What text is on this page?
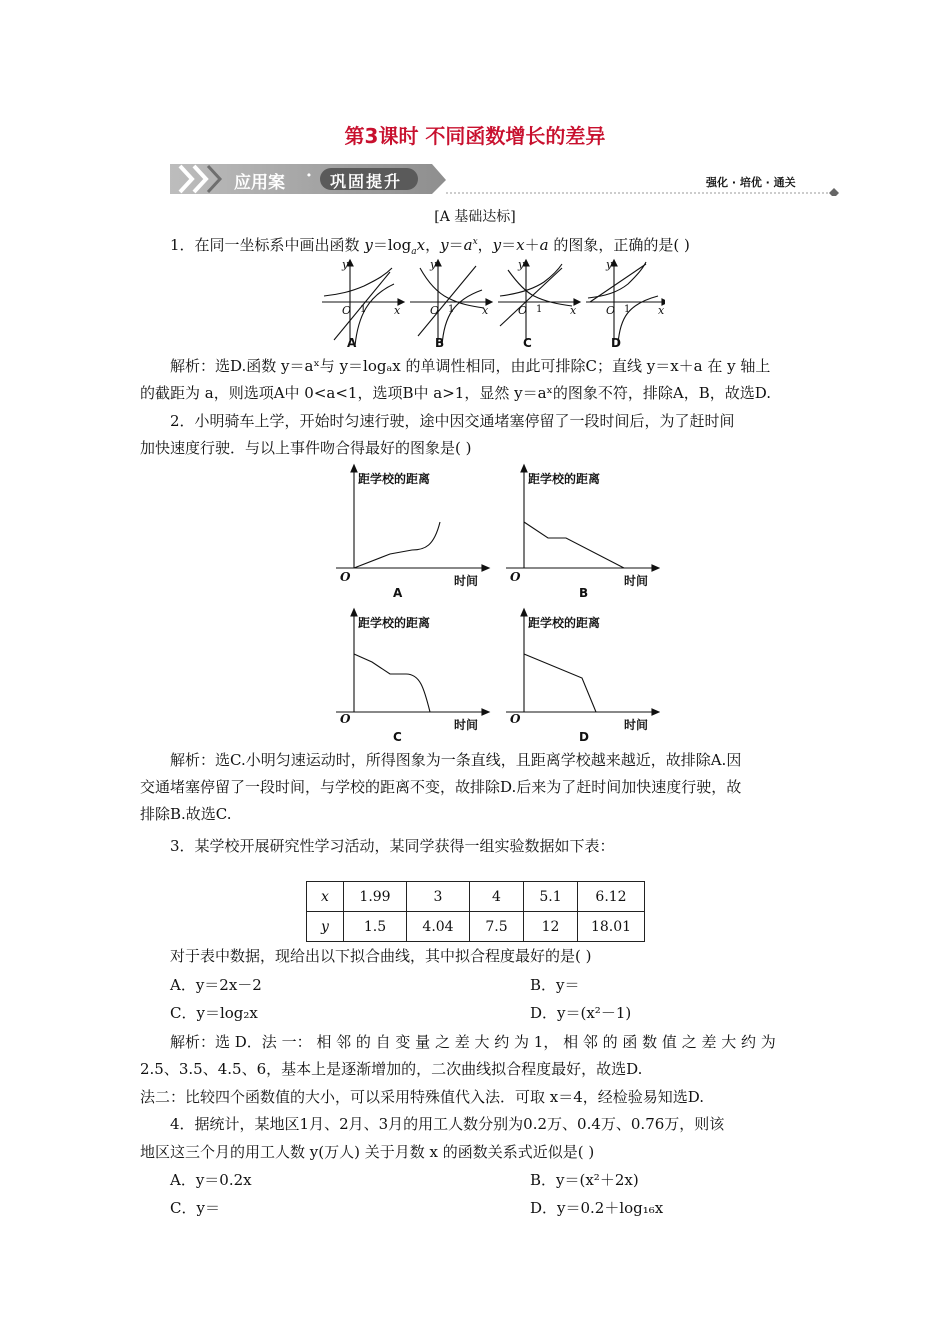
第3课时 不同函数增长的差异
应用案 · 巩固提升	强化 · 培优 · 通关
[A 基础达标]
1．在同一坐标系中画出函数 $y=\log_ax$，$y=a^x$，y＝x＋a 的图象，正确的是( )
y
x
O 1
y
x
O 1
y
x
O 1
y
x
O 1
A	B	C	D
解析：选D.函数 y＝aˣ与 y＝logₐx 的单调性相同，由此可排除C；直线 y＝x＋a 在 y 轴上
的截距为 a，则选项A中 0<a<1，选项B中 a>1，显然 y＝aˣ的图象不符，排除A，B，故选D.
2．小明骑车上学，开始时匀速行驶，途中因交通堵塞停留了一段时间后，为了赶时间
加快速度行驶．与以上事件吻合得最好的图象是( )
距学校的距离
时间
O
A
距学校的距离
时间
O
B
距学校的距离
时间
O
C
距学校的距离
时间
O
D
解析：选C.小明匀速运动时，所得图象为一条直线，且距离学校越来越近，故排除A.因
交通堵塞停留了一段时间，与学校的距离不变，故排除D.后来为了赶时间加快速度行驶，故
排除B.故选C.
3．某学校开展研究性学习活动，某同学获得一组实验数据如下表：
x	1.99	3	4	5.1	6.12
y	1.5	4.04	7.5	12	18.01
对于表中数据，现给出以下拟合曲线，其中拟合程度最好的是( )
A．y＝2x－2	B．y＝
C．y＝log₂x	D．y＝(x²－1)
解析：选 D．法 一： 相 邻 的 自 变 量 之 差 大 约 为 1， 相 邻 的 函 数 值 之 差 大 约 为
2.5、3.5、4.5、6，基本上是逐渐增加的，二次曲线拟合程度最好，故选D.
法二：比较四个函数值的大小，可以采用特殊值代入法．可取 x＝4，经检验易知选D.
4．据统计，某地区1月、2月、3月的用工人数分别为0.2万、0.4万、0.76万，则该
地区这三个月的用工人数 y(万人) 关于月数 x 的函数关系式近似是( )
A．y＝0.2x	B．y＝(x²＋2x)
C．y＝	D．y＝0.2＋log₁₆x
